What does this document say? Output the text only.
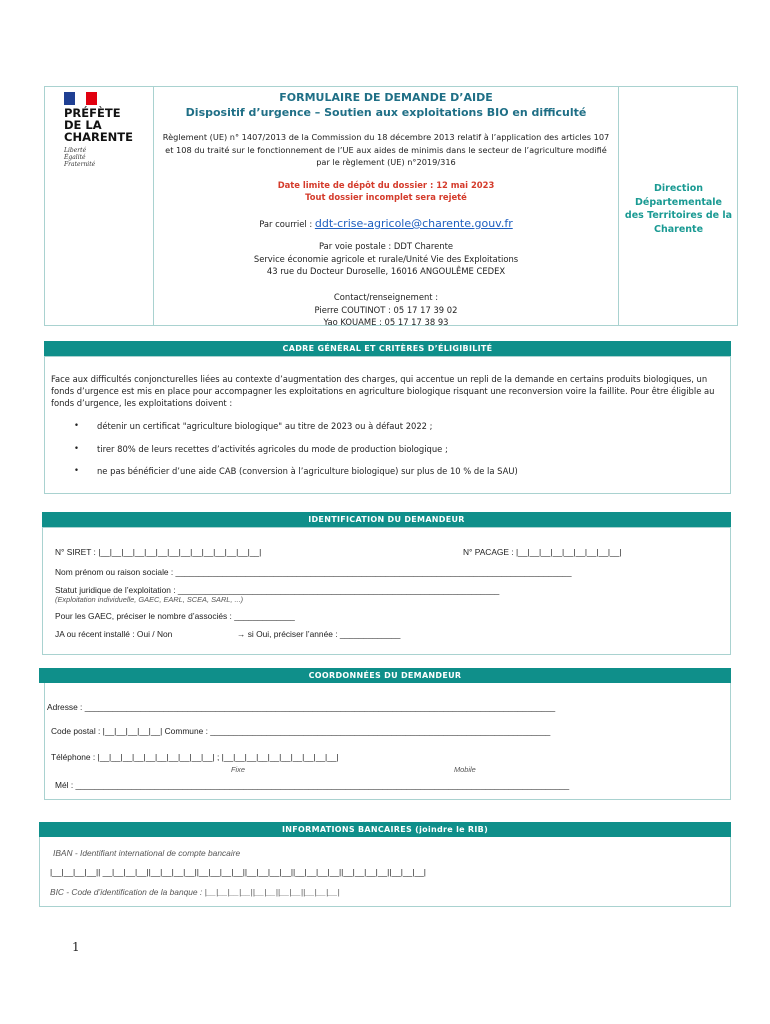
PRÉFÈTE
DE LA
CHARENTE
Liberté
Égalité
Fraternité
FORMULAIRE DE DEMANDE D’AIDE
Dispositif d’urgence – Soutien aux exploitations BIO en difficulté
Règlement (UE) n° 1407/2013 de la Commission du 18 décembre 2013 relatif à l’application des articles 107 et 108 du traité sur le fonctionnement de l’UE aux aides de minimis dans le secteur de l’agriculture modifié par le règlement (UE) n°2019/316
Date limite de dépôt du dossier : 12 mai 2023
Tout dossier incomplet sera rejeté
Par courriel : ddt-crise-agricole@charente.gouv.fr
Par voie postale : DDT Charente
Service économie agricole et rurale/Unité Vie des Exploitations
43 rue du Docteur Duroselle, 16016 ANGOULÊME CEDEX
Contact/renseignement :
Pierre COUTINOT : 05 17 17 39 02
Yao KOUAME : 05 17 17 38 93
Direction
Départementale
des Territoires de la
Charente
CADRE GÉNÉRAL ET CRITÈRES D’ÉLIGIBILITÉ
Face aux difficultés conjoncturelles liées au contexte d’augmentation des charges, qui accentue un repli de la demande en certains produits biologiques, un fonds d’urgence est mis en place pour accompagner les exploitations en agriculture biologique risquant une reconversion voire la faillite. Pour être éligible au fonds d’urgence, les exploitations doivent :
• détenir un certificat "agriculture biologique" au titre de 2023 ou à défaut 2022 ;
• tirer 80% de leurs recettes d’activités agricoles du mode de production biologique ;
• ne pas bénéficier d’une aide CAB (conversion à l’agriculture biologique) sur plus de 10 % de la SAU)
IDENTIFICATION DU DEMANDEUR
N° SIRET : |__|__|__|__|__|__|__|__|__|__|__|__|__|__|	N° PACAGE : |__|__|__|__|__|__|__|__|__|
Nom prénom ou raison sociale : _____________________________________________________________________________________
Statut juridique de l’exploitation : _____________________________________________________________________
(Exploitation individuelle, GAEC, EARL, SCEA, SARL, ...)
Pour les GAEC, préciser le nombre d’associés : _____________
JA ou récent installé : Oui / Non	→ si Oui, préciser l’année : _____________
COORDONNÉES DU DEMANDEUR
Adresse : _____________________________________________________________________________________________________
Code postal : |__|__|__|__|__| Commune : _________________________________________________________________________
Téléphone : |__|__|__|__|__|__|__|__|__|__| ; |__|__|__|__|__|__|__|__|__|__|
Fixe	Mobile
Mél : __________________________________________________________________________________________________________
INFORMATIONS BANCAIRES (joindre le RIB)
IBAN - Identifiant international de compte bancaire
|__|__|__|__|| __|__|__|__||__|__|__|__||__|__|__|__||__|__|__|__||__|__|__|__||__|__|__|__||__|__|__|
BIC - Code d’identification de la banque : |__|__|__|__||__|__||__|__||__|__|__|
1
